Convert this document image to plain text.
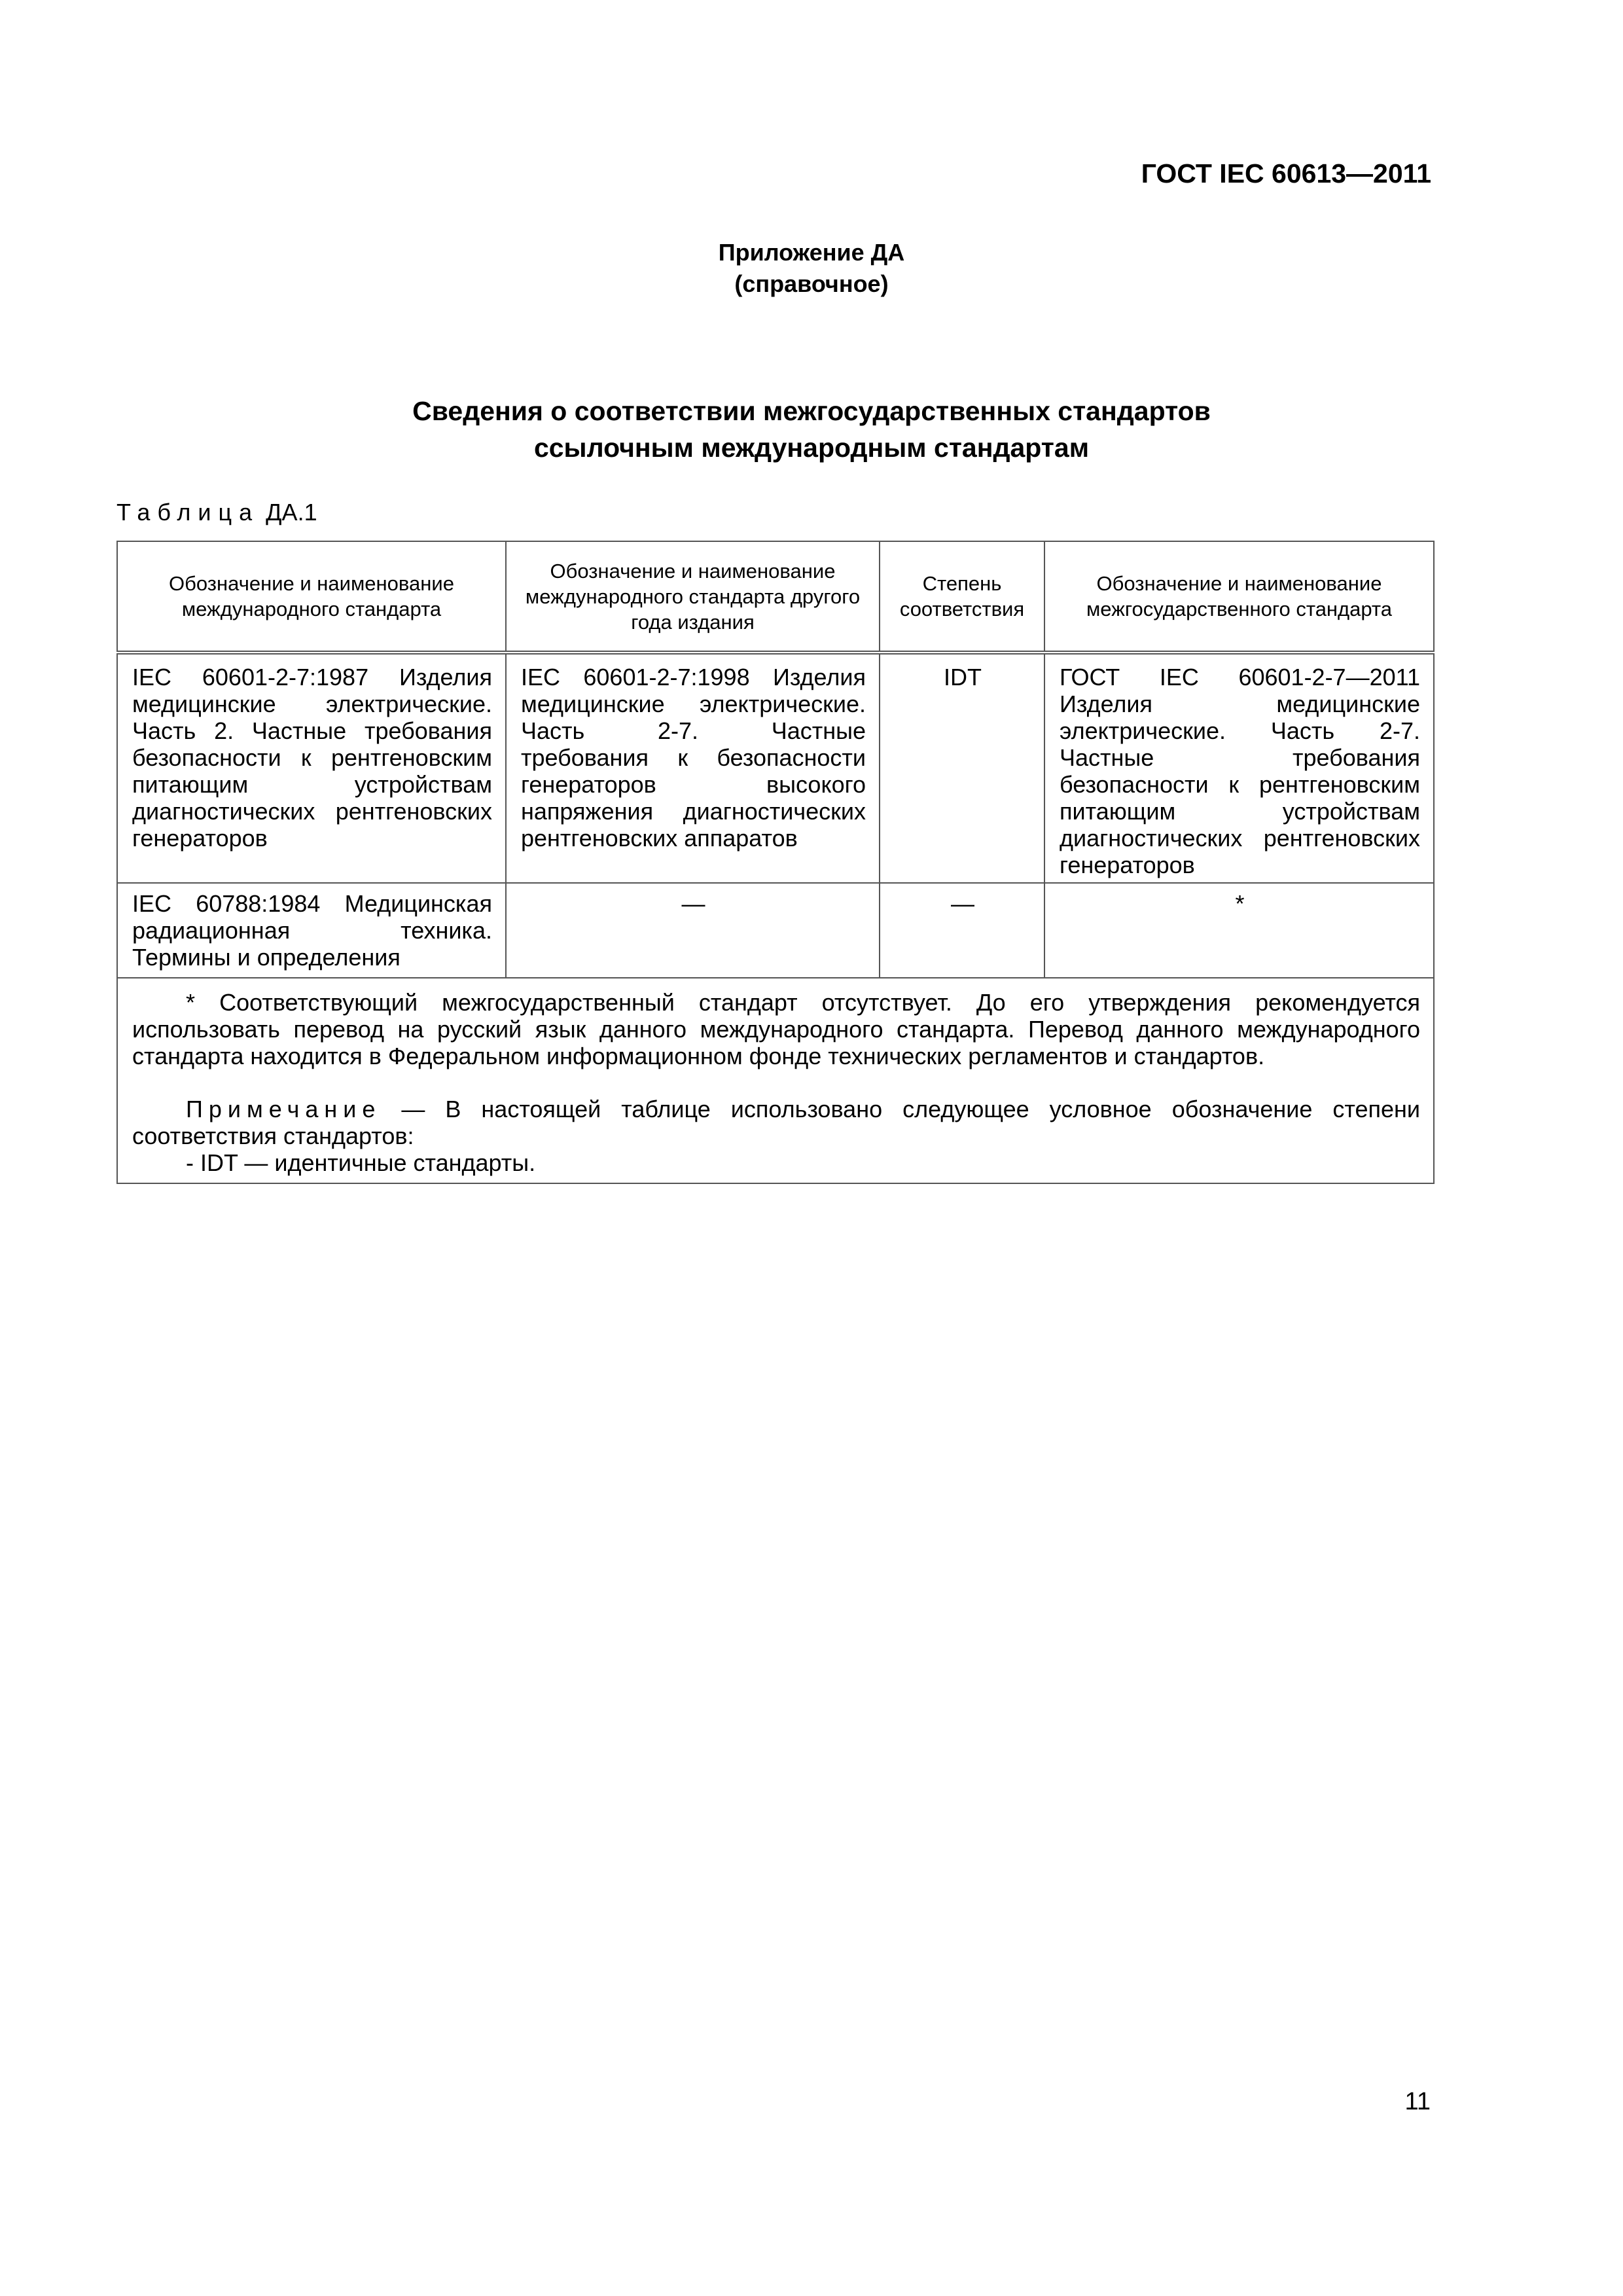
ГОСТ IEC 60613—2011
Приложение ДА
(справочное)
Сведения о соответствии межгосударственных стандартов
ссылочным международным стандартам
Таблица ДА.1
Обозначение и наименование международного стандарта	Обозначение и наименование международного стандарта другого года издания	Степень соответствия	Обозначение и наименование межгосударственного стандарта

IEC 60601-2-7:1987 Изделия медицинские электрические. Часть 2. Частные требования безопасности к рентгеновским питающим устройствам диагностических рентгеновских генераторов	IEC 60601-2-7:1998 Изделия медицинские электрические. Часть 2-7. Частные требования к безопасности генераторов высокого напряжения диагностических рентгеновских аппаратов	IDT	ГОСТ IEC 60601-2-7—2011 Изделия медицинские электрические. Часть 2-7. Частные требования безопасности к рентгеновским питающим устройствам диагностических рентгеновских генераторов

IEC 60788:1984 Медицинская радиационная техника. Термины и определения	—	—	*

* Соответствующий межгосударственный стандарт отсутствует. До его утверждения рекомендуется использовать перевод на русский язык данного международного стандарта. Перевод данного международного стандарта находится в Федеральном информационном фонде технических регламентов и стандартов.

Примечание — В настоящей таблице использовано следующее условное обозначение степени соответствия стандартов:

- IDT — идентичные стандарты.			

11
